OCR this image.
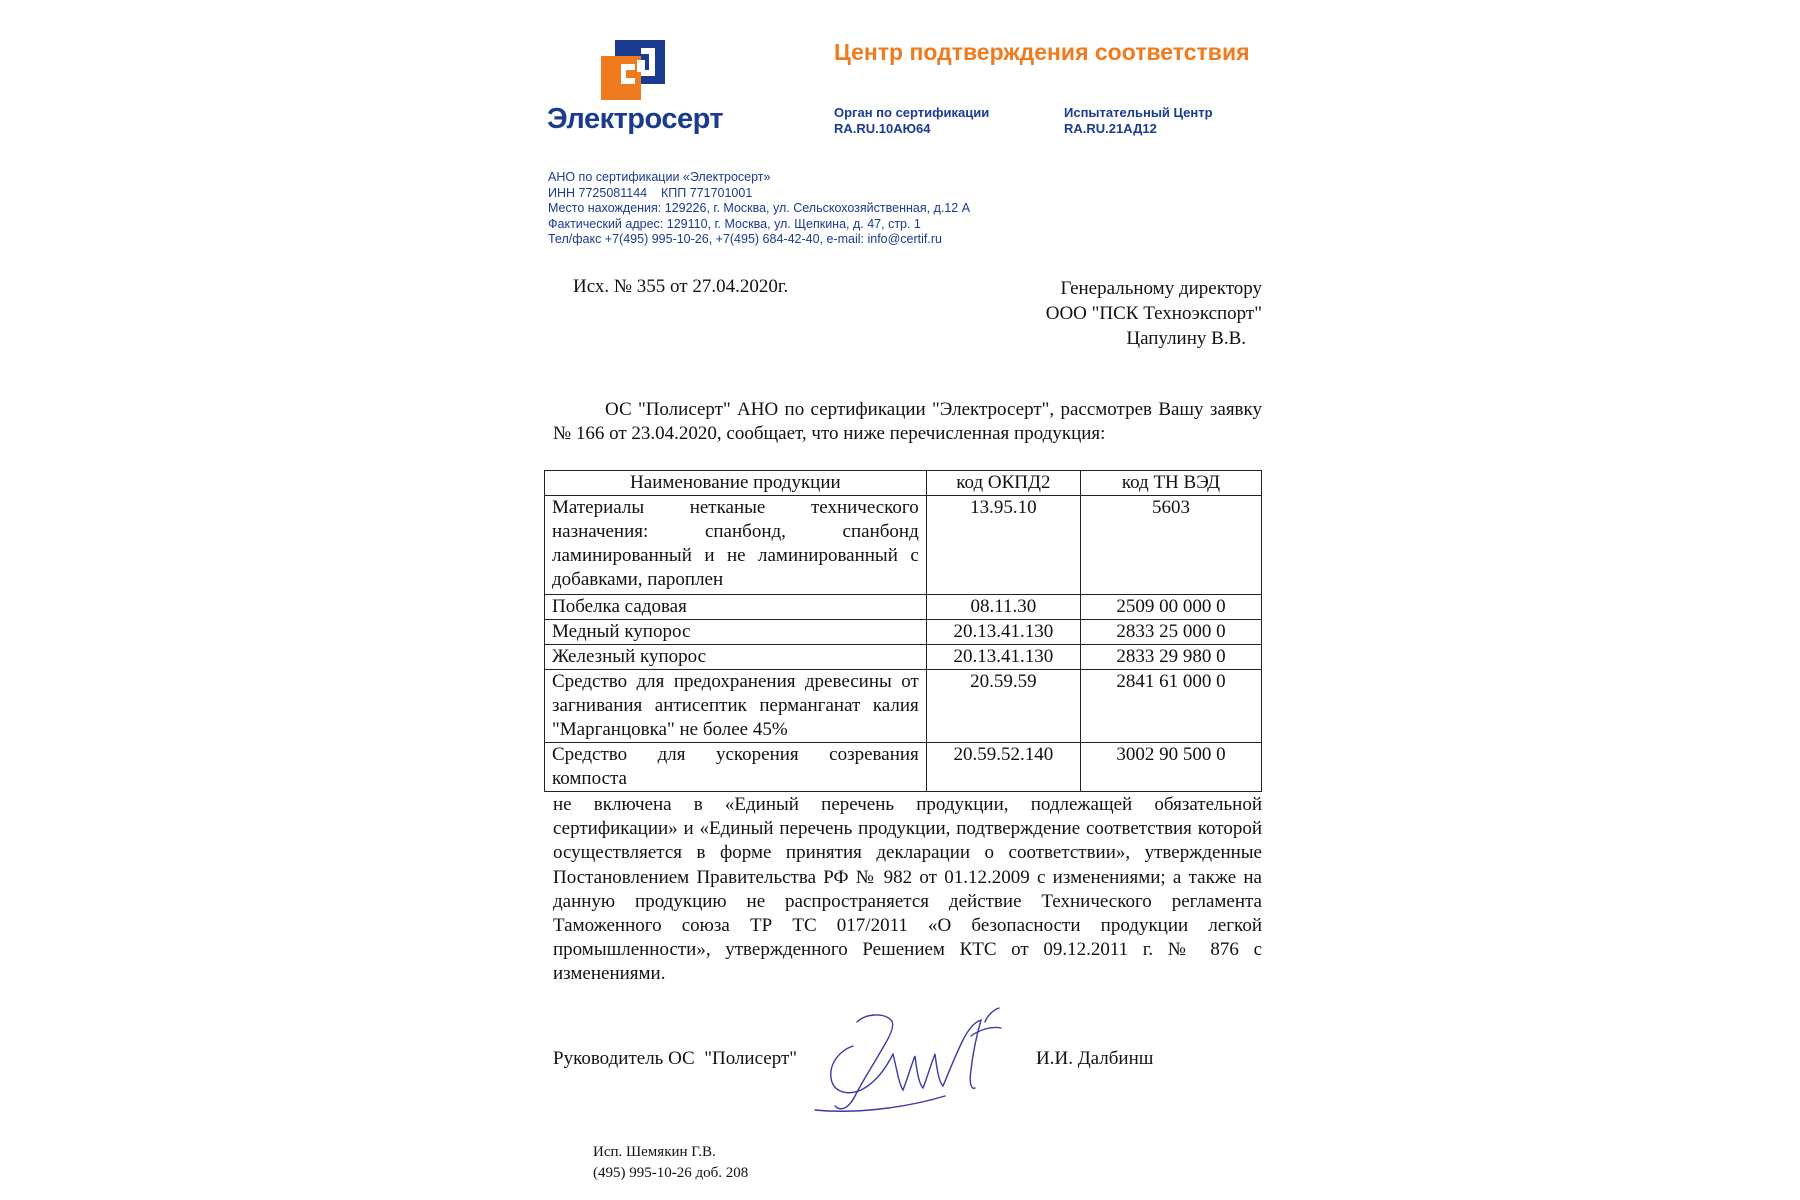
Электросерт
Центр подтверждения соответствия
Орган по сертификации
RA.RU.10АЮ64
Испытательный Центр
RA.RU.21АД12
АНО по сертификации «Электросерт»
ИНН 7725081144    КПП 771701001
Место нахождения: 129226, г. Москва, ул. Сельскохозяйственная, д.12 А
Фактический адрес: 129110, г. Москва, ул. Щепкина, д. 47, стр. 1
Тел/факс +7(495) 995-10-26, +7(495) 684-42-40, e-mail: info@certif.ru
Исх. № 355 от 27.04.2020г.	Генеральному директору
ООО "ПСК Техноэкспорт"
Цапулину В.В.
ОС "Полисерт" АНО по сертификации "Электросерт", рассмотрев Вашу заявку № 166 от 23.04.2020, сообщает, что ниже перечисленная продукция:
Наименование продукции	код ОКПД2	код ТН ВЭД
Материалы нетканые технического назначения: спанбонд, спанбонд ламинированный и не ламинированный с добавками, пароплен	13.95.10	5603
Побелка садовая	08.11.30	2509 00 000 0
Медный купорос	20.13.41.130	2833 25 000 0
Железный купорос	20.13.41.130	2833 29 980 0
Средство для предохранения древесины от загнивания антисептик перманганат калия "Марганцовка" не более 45%	20.59.59	2841 61 000 0
Средство для ускорения созревания компоста	20.59.52.140	3002 90 500 0
не включена в «Единый перечень продукции, подлежащей обязательной сертификации» и «Единый перечень продукции, подтверждение соответствия которой осуществляется в форме принятия декларации о соответствии», утвержденные Постановлением Правительства РФ № 982 от 01.12.2009 с изменениями; а также на данную продукцию не распространяется действие Технического регламента Таможенного союза ТР ТС 017/2011 «О безопасности продукции легкой промышленности», утвержденного Решением КТС от 09.12.2011 г. № 876 с изменениями.
Руководитель ОС  "Полисерт"	И.И. Далбинш
Исп. Шемякин Г.В.
(495) 995-10-26 доб. 208
